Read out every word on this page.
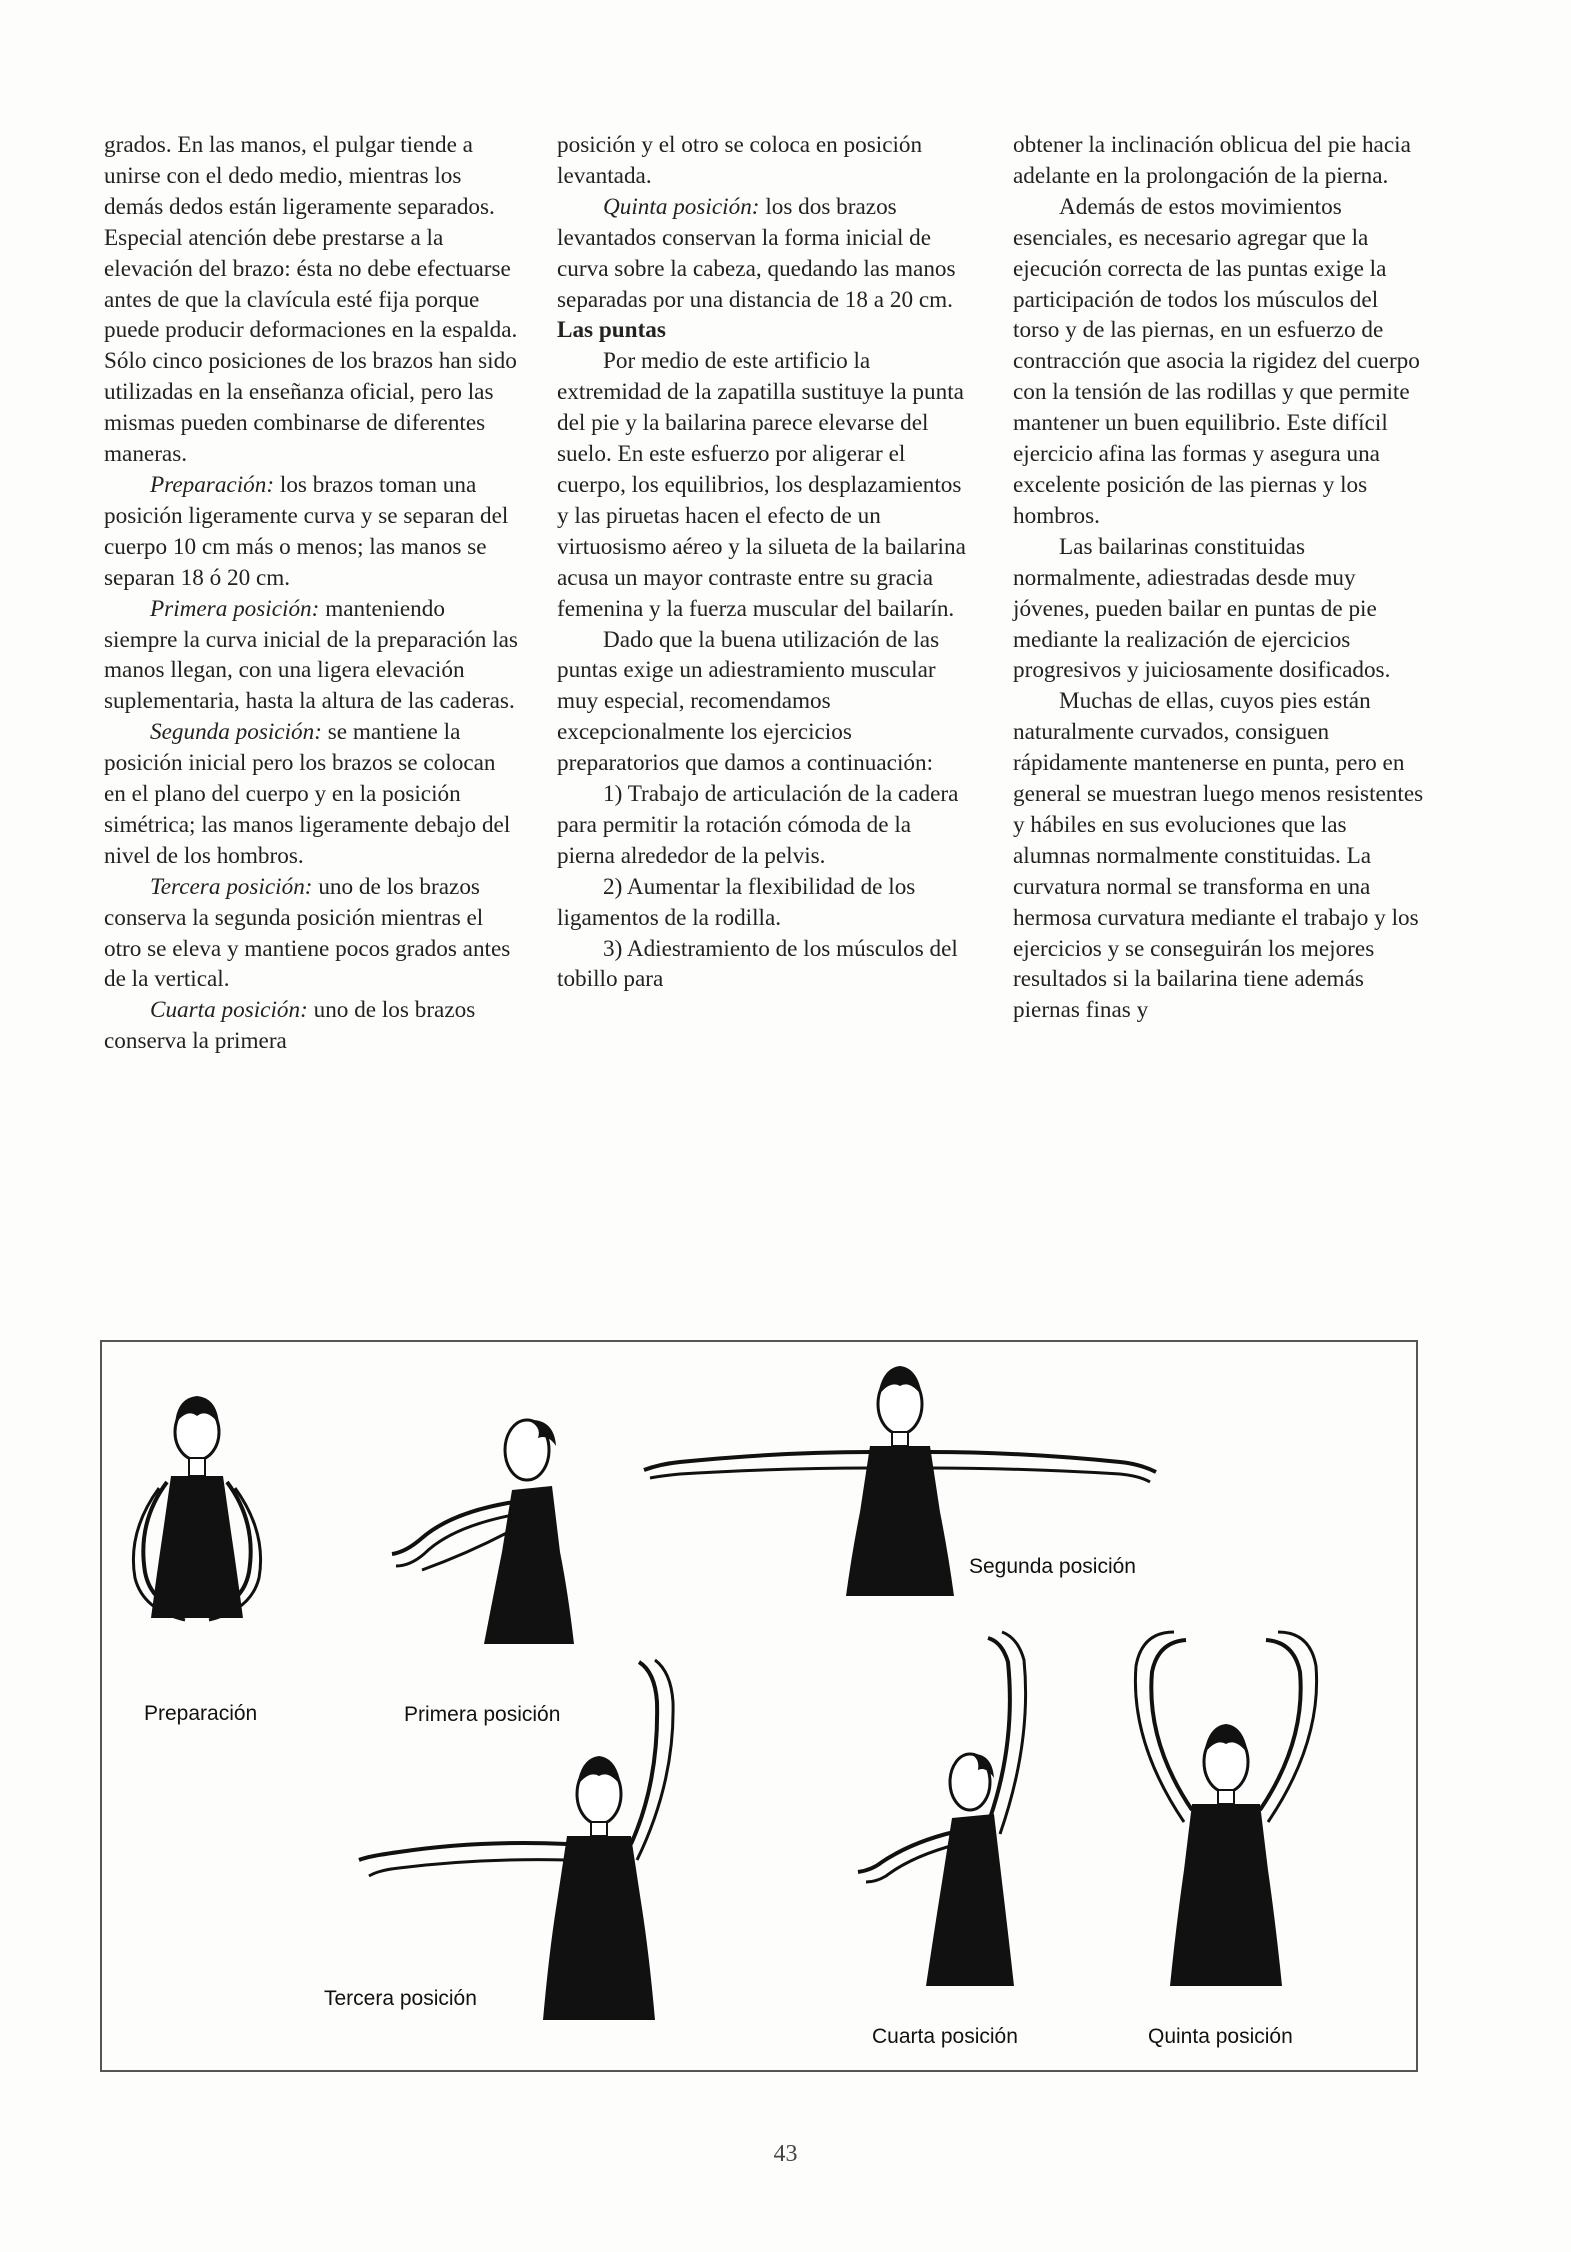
grados. En las manos, el pulgar tiende a unirse con el dedo medio, mientras los demás dedos están ligeramente separados. Especial atención debe prestarse a la elevación del brazo: ésta no debe efectuarse antes de que la clavícula esté fija porque puede producir deformaciones en la espalda. Sólo cinco posiciones de los brazos han sido utilizadas en la enseñanza oficial, pero las mismas pueden combinarse de diferentes maneras.

Preparación: los brazos toman una posición ligeramente curva y se separan del cuerpo 10 cm más o menos; las manos se separan 18 ó 20 cm.

Primera posición: manteniendo siempre la curva inicial de la preparación las manos llegan, con una ligera elevación suplementaria, hasta la altura de las caderas.

Segunda posición: se mantiene la posición inicial pero los brazos se colocan en el plano del cuerpo y en la posición simétrica; las manos ligeramente debajo del nivel de los hombros.

Tercera posición: uno de los brazos conserva la segunda posición mientras el otro se eleva y mantiene pocos grados antes de la vertical.

Cuarta posición: uno de los brazos conserva la primera

posición y el otro se coloca en posición levantada.

Quinta posición: los dos brazos levantados conservan la forma inicial de curva sobre la cabeza, quedando las manos separadas por una distancia de 18 a 20 cm.

Las puntas

Por medio de este artificio la extremidad de la zapatilla sustituye la punta del pie y la bailarina parece elevarse del suelo. En este esfuerzo por aligerar el cuerpo, los equilibrios, los desplazamientos y las piruetas hacen el efecto de un virtuosismo aéreo y la silueta de la bailarina acusa un mayor contraste entre su gracia femenina y la fuerza muscular del bailarín.

Dado que la buena utilización de las puntas exige un adiestramiento muscular muy especial, recomendamos excepcionalmente los ejercicios preparatorios que damos a continuación:

1) Trabajo de articulación de la cadera para permitir la rotación cómoda de la pierna alrededor de la pelvis.

2) Aumentar la flexibilidad de los ligamentos de la rodilla.

3) Adiestramiento de los músculos del tobillo para

obtener la inclinación oblicua del pie hacia adelante en la prolongación de la pierna.

Además de estos movimientos esenciales, es necesario agregar que la ejecución correcta de las puntas exige la participación de todos los músculos del torso y de las piernas, en un esfuerzo de contracción que asocia la rigidez del cuerpo con la tensión de las rodillas y que permite mantener un buen equilibrio. Este difícil ejercicio afina las formas y asegura una excelente posición de las piernas y los hombros.

Las bailarinas constituidas normalmente, adiestradas desde muy jóvenes, pueden bailar en puntas de pie mediante la realización de ejercicios progresivos y juiciosamente dosificados.

Muchas de ellas, cuyos pies están naturalmente curvados, consiguen rápidamente mantenerse en punta, pero en general se muestran luego menos resistentes y hábiles en sus evoluciones que las alumnas normalmente constituidas. La curvatura normal se transforma en una hermosa curvatura mediante el trabajo y los ejercicios y se conseguirán los mejores resultados si la bailarina tiene además piernas finas y

Preparación	Primera posición
Segunda posición
Tercera posición
Cuarta posición	Quinta posición
43
